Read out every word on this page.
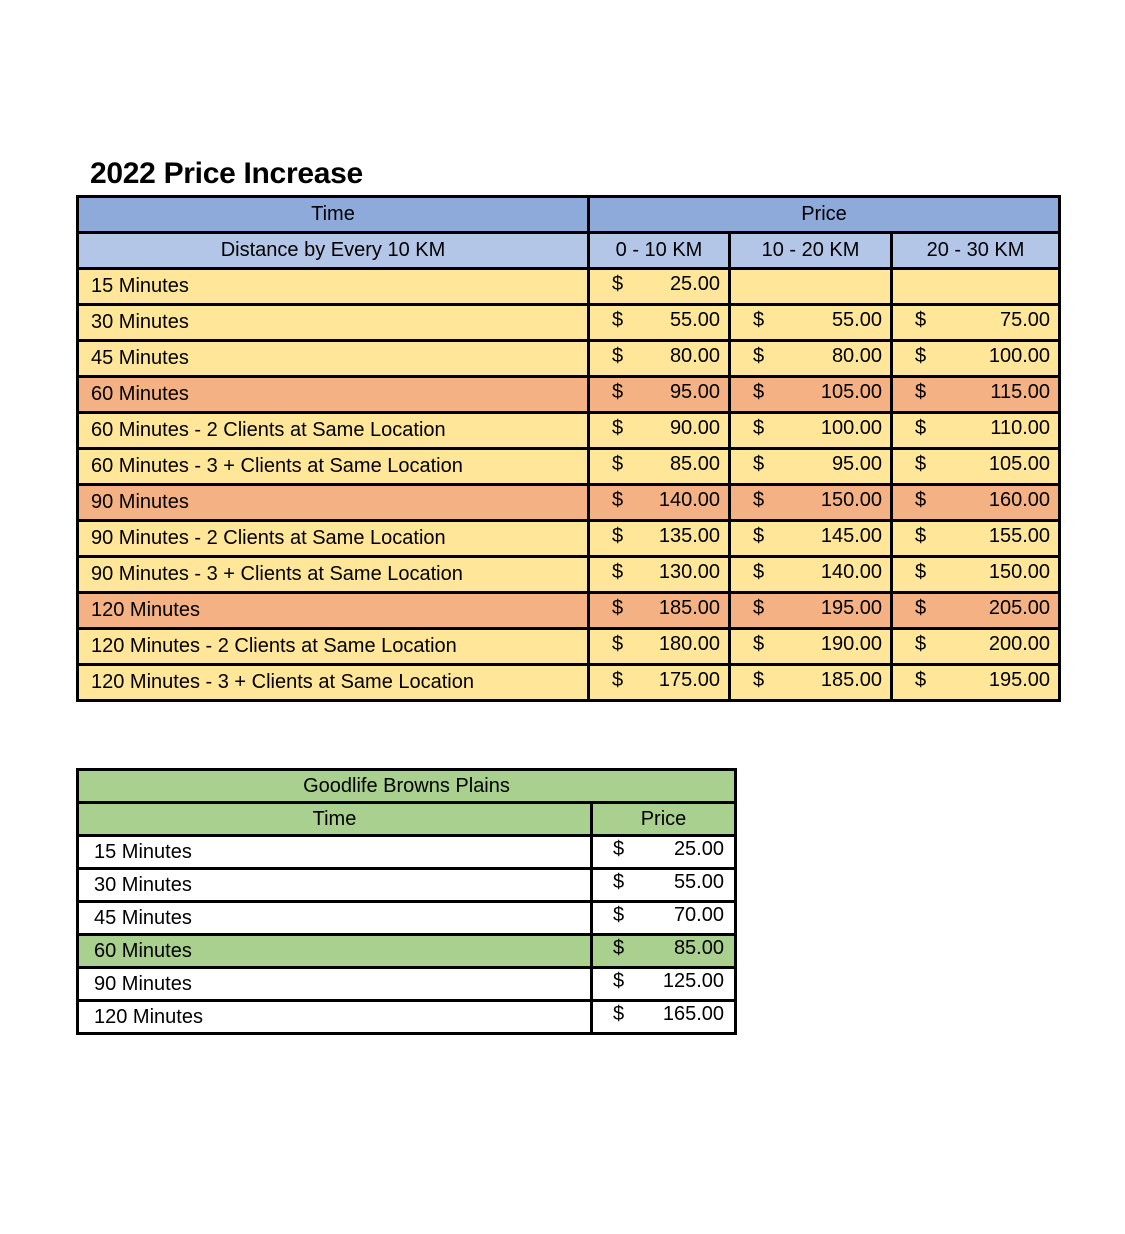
2022 Price Increase
Time	Price		
Distance by Every 10 KM	0 - 10 KM	10 - 20 KM	20 - 30 KM
15 Minutes	$ 25.00		

30 Minutes	$ 55.00	$ 55.00	$ 75.00

45 Minutes	$ 80.00	$ 80.00	$ 100.00

60 Minutes	$ 95.00	$ 105.00	$ 115.00

60 Minutes - 2 Clients at Same Location	$ 90.00	$ 100.00	$ 110.00

60 Minutes - 3 + Clients at Same Location	$ 85.00	$ 95.00	$ 105.00

90 Minutes	$ 140.00	$ 150.00	$ 160.00

90 Minutes - 2 Clients at Same Location	$ 135.00	$ 145.00	$ 155.00

90 Minutes - 3 + Clients at Same Location	$ 130.00	$ 140.00	$ 150.00

120 Minutes	$ 185.00	$ 195.00	$ 205.00

120 Minutes - 2 Clients at Same Location	$ 180.00	$ 190.00	$ 200.00

120 Minutes - 3 + Clients at Same Location	$ 175.00	$ 185.00	$ 195.00
Goodlife Browns Plains	
Time	Price
15 Minutes	$ 25.00

30 Minutes	$ 55.00

45 Minutes	$ 70.00

60 Minutes	$ 85.00

90 Minutes	$ 125.00

120 Minutes	$ 165.00
